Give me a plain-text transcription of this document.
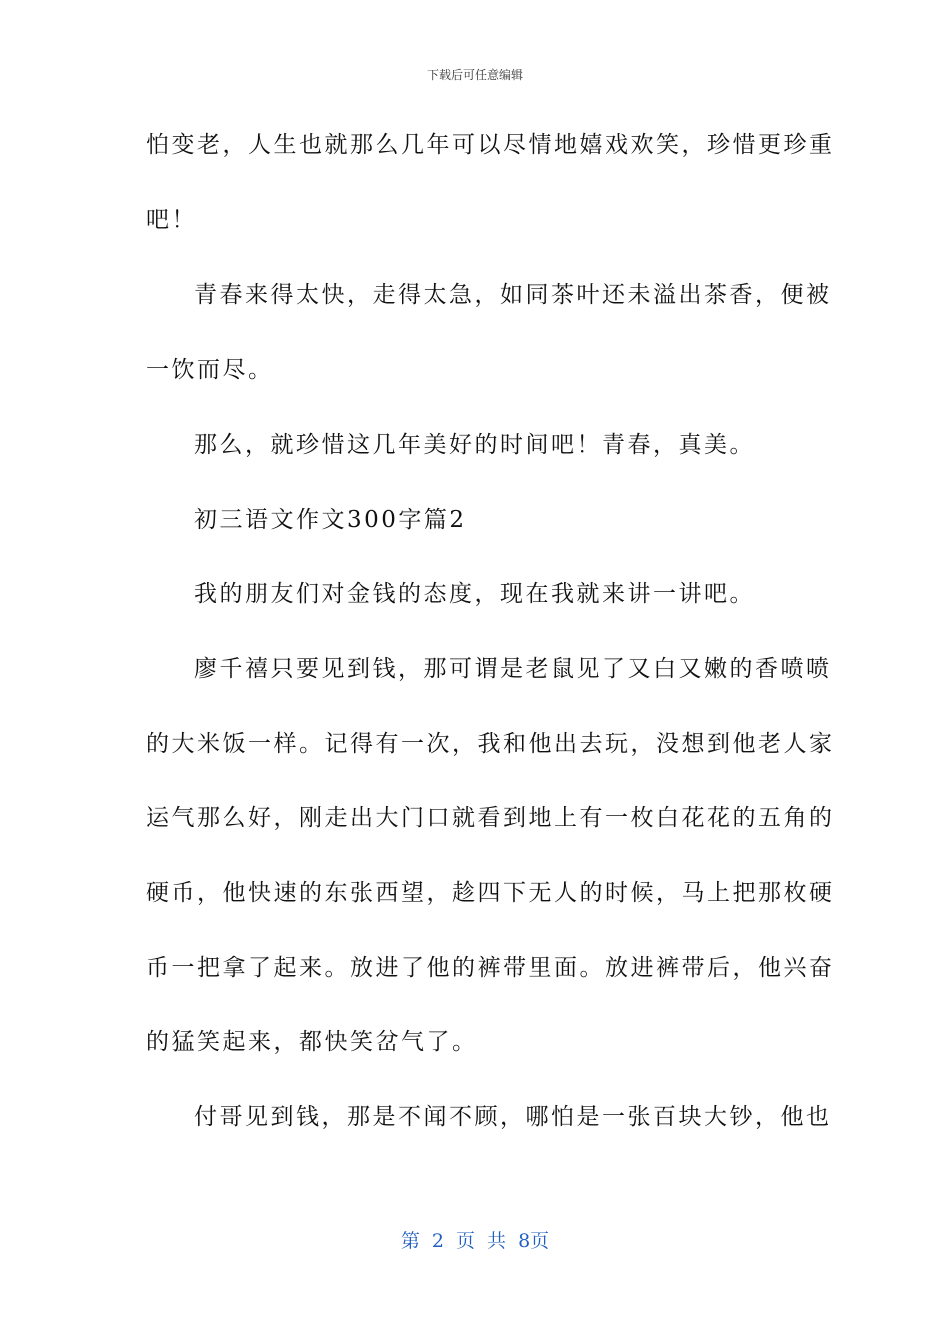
下载后可任意编辑
怕变老，人生也就那么几年可以尽情地嬉戏欢笑，珍惜更珍重
吧！
青春来得太快，走得太急，如同茶叶还未溢出茶香，便被
一饮而尽。
那么，就珍惜这几年美好的时间吧！青春，真美。
初三语文作文300字篇2
我的朋友们对金钱的态度，现在我就来讲一讲吧。
廖千禧只要见到钱，那可谓是老鼠见了又白又嫩的香喷喷
的大米饭一样。记得有一次，我和他出去玩，没想到他老人家
运气那么好，刚走出大门口就看到地上有一枚白花花的五角的
硬币，他快速的东张西望，趁四下无人的时候，马上把那枚硬
币一把拿了起来。放进了他的裤带里面。放进裤带后，他兴奋
的猛笑起来，都快笑岔气了。
付哥见到钱，那是不闻不顾，哪怕是一张百块大钞，他也
第 2 页 共 8页
